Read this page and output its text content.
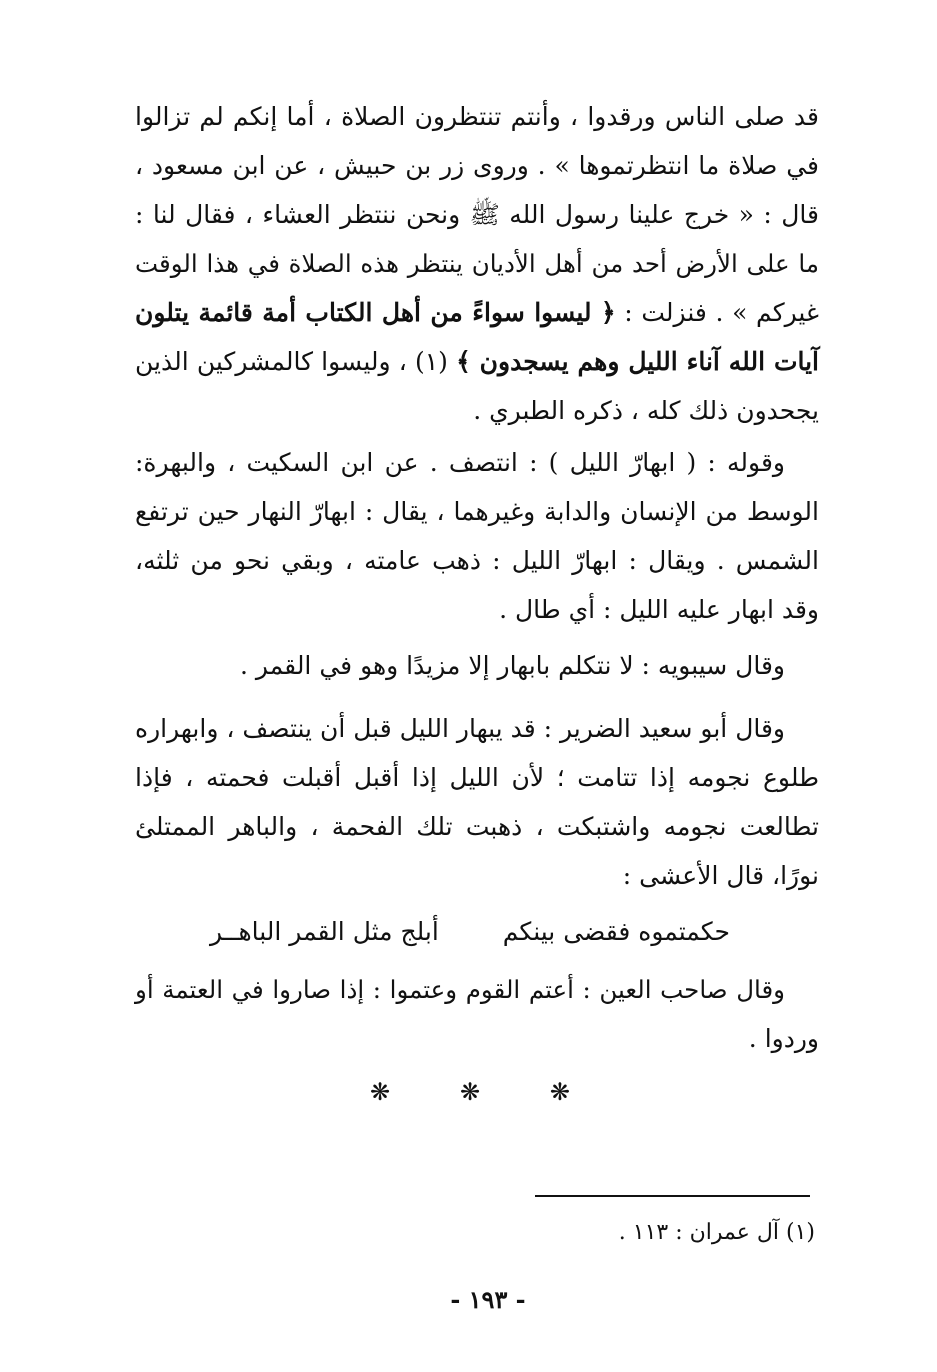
قد صلى الناس ورقدوا ، وأنتم تنتظرون الصلاة ، أما إنكم لم تزالوا
في صلاة ما انتظرتموها » . وروى زر بن حبيش ، عن ابن مسعود ،
قال : « خرج علينا رسول الله ﷺ ونحن ننتظر العشاء ، فقال لنا :
ما على الأرض أحد من أهل الأديان ينتظر هذه الصلاة في هذا الوقت
غيركم » . فنزلت : ﴿ ليسوا سواءً من أهل الكتاب أمة قائمة يتلون
آيات الله آناء الليل وهم يسجدون ﴾ (١) ، وليسوا كالمشركين الذين
يجحدون ذلك كله ، ذكره الطبري .
وقوله : ( ابهارّ الليل ) : انتصف . عن ابن السكيت ، والبهرة:
الوسط من الإنسان والدابة وغيرهما ، يقال : ابهارّ النهار حين ترتفع
الشمس . ويقال : ابهارّ الليل : ذهب عامته ، وبقي نحو من ثلثه،
وقد ابهار عليه الليل : أي طال .
وقال سيبويه : لا نتكلم بابهار إلا مزيدًا وهو في القمر .
وقال أبو سعيد الضرير : قد يبهار الليل قبل أن ينتصف ، وابهراره
طلوع نجومه إذا تتامت ؛ لأن الليل إذا أقبل أقبلت فحمته ، فإذا
تطالعت نجومه واشتبكت ، ذهبت تلك الفحمة ، والباهر الممتلئ
نورًا، قال الأعشى :
حكمتموه فقضى بينكم
أبلج مثل القمر الباهــر
وقال صاحب العين : أعتم القوم وعتموا : إذا صاروا في العتمة أو
وردوا .
❋	❋	❋
(١) آل عمران : ١١٣ .
- ١٩٣ -
